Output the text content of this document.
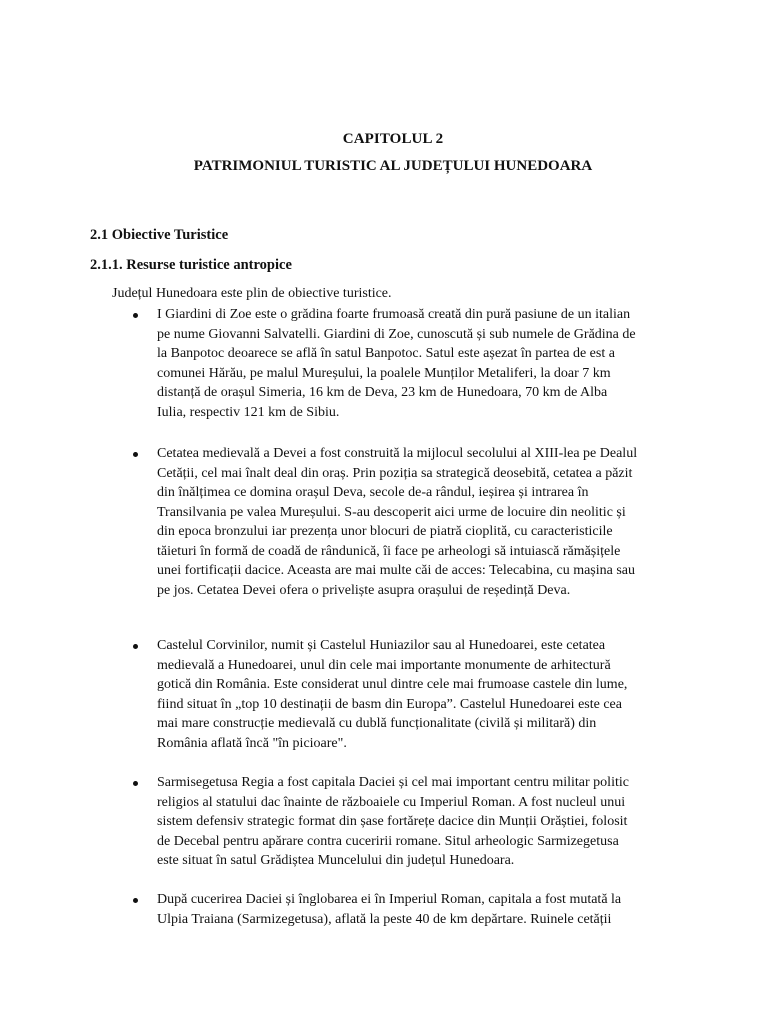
CAPITOLUL 2
PATRIMONIUL TURISTIC AL JUDEȚULUI HUNEDOARA
2.1 Obiective Turistice
2.1.1. Resurse turistice antropice
Județul Hunedoara este plin de obiective turistice.
I Giardini di Zoe este o grădina foarte frumoasă creată din pură pasiune de un italian
pe nume Giovanni Salvatelli. Giardini di Zoe, cunoscută și sub numele de Grădina de
la Banpotoc deoarece se află în satul Banpotoc. Satul este așezat în partea de est a
comunei Hărău, pe malul Mureșului, la poalele Munților Metaliferi, la doar 7 km
distanță de orașul Simeria, 16 km de Deva, 23 km de Hunedoara, 70 km de Alba
Iulia, respectiv 121 km de Sibiu.
Cetatea medievală a Devei a fost construită la mijlocul secolului al XIII-lea pe Dealul
Cetății, cel mai înalt deal din oraș. Prin poziția sa strategică deosebită, cetatea a păzit
din înălțimea ce domina orașul Deva, secole de-a rândul, ieșirea și intrarea în
Transilvania pe valea Mureșului. S-au descoperit aici urme de locuire din neolitic și
din epoca bronzului iar prezența unor blocuri de piatră cioplită, cu caracteristicile
tăieturi în formă de coadă de rândunică, îi face pe arheologi să intuiască rămășițele
unei fortificații dacice. Aceasta are mai multe căi de acces: Telecabina, cu mașina sau
pe jos. Cetatea Devei ofera o priveliște asupra orașului de reședință Deva.
Castelul Corvinilor, numit și Castelul Huniazilor sau al Hunedoarei, este cetatea
medievală a Hunedoarei, unul din cele mai importante monumente de arhitectură
gotică din România. Este considerat unul dintre cele mai frumoase castele din lume,
fiind situat în „top 10 destinații de basm din Europa”. Castelul Hunedoarei este cea
mai mare construcție medievală cu dublă funcționalitate (civilă și militară) din
România aflată încă "în picioare".
Sarmisegetusa Regia a fost capitala Daciei și cel mai important centru militar politic
religios al statului dac înainte de războaiele cu Imperiul Roman. A fost nucleul unui
sistem defensiv strategic format din șase fortărețe dacice din Munții Orăștiei, folosit
de Decebal pentru apărare contra cuceririi romane. Situl arheologic Sarmizegetusa
este situat în satul Grădiștea Muncelului din județul Hunedoara.
După cucerirea Daciei și înglobarea ei în Imperiul Roman, capitala a fost mutată la
Ulpia Traiana (Sarmizegetusa), aflată la peste 40 de km depărtare. Ruinele cetății
